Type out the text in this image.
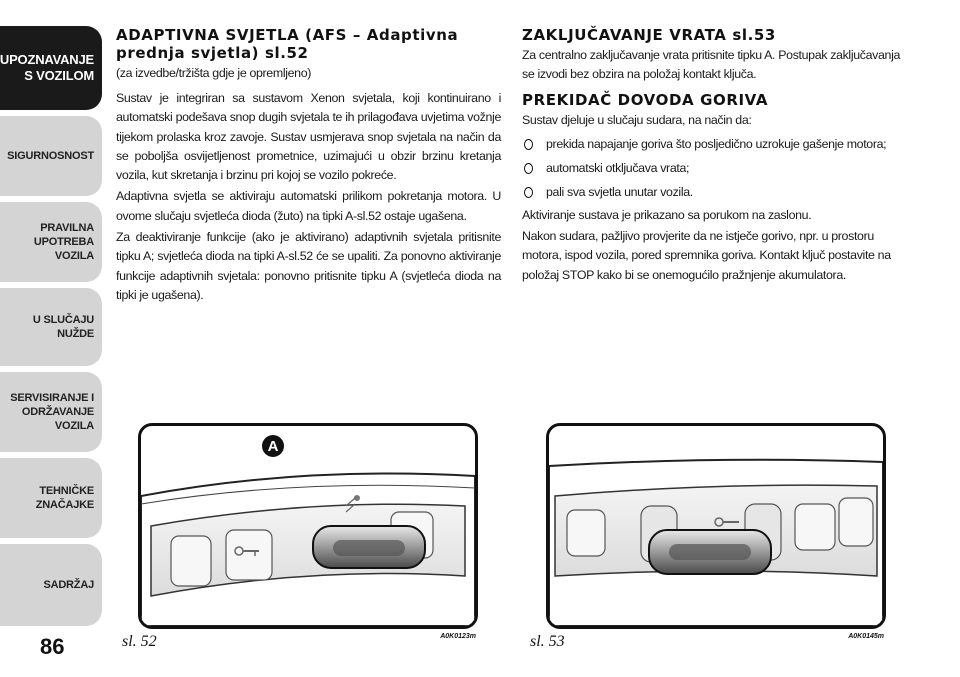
UPOZNAVANJE
S VOZILOM
SIGURNOSNOST
PRAVILNA
UPOTREBA
VOZILA
U SLUČAJU
NUŽDE
SERVISIRANJE I
ODRŽAVANJE
VOZILA
TEHNIČKE
ZNAČAJKE
SADRŽAJ
86
ADAPTIVNA SVJETLA (AFS – Adaptivna prednja svjetla) sl.52
(za izvedbe/tržišta gdje je opremljeno)

Sustav je integriran sa sustavom Xenon svjetala, koji kontinuirano i automatski podešava snop dugih svjetala te ih prilagođava uvjetima vožnje tijekom prolaska kroz zavoje. Sustav usmjerava snop svjetala na način da se poboljša osvijetljenost prometnice, uzimajući u obzir brzinu kretanja vozila, kut skretanja i brzinu pri kojoj se vozilo pokreće.

Adaptivna svjetla se aktiviraju automatski prilikom pokretanja motora. U ovome slučaju svjetleća dioda (žuto) na tipki A-sl.52 ostaje ugašena.

Za deaktiviranje funkcije (ako je aktivirano) adaptivnih svjetala pritisnite tipku A; svjetleća dioda na tipki A-sl.52 će se upaliti. Za ponovno aktiviranje funkcije adaptivnih svjetala: ponovno pritisnite tipku A (svjetleća dioda na tipki je ugašena).

ZAKLJUČAVANJE VRATA sl.53

Za centralno zaključavanje vrata pritisnite tipku A. Postupak zaključavanja se izvodi bez obzira na položaj kontakt ključa.

PREKIDAČ DOVODA GORIVA

Sustav djeluje u slučaju sudara, na način da:

prekida napajanje goriva što posljedično uzrokuje gašenje motora;
automatski otključava vrata;
pali sva svjetla unutar vozila.

Aktiviranje sustava je prikazano sa porukom na zaslonu.

Nakon sudara, pažljivo provjerite da ne istječe gorivo, npr. u prostoru motora, ispod vozila, pored spremnika goriva. Kontakt ključ postavite na položaj STOP kako bi se onemogućilo pražnjenje akumulatora.

A
sl. 52	A0K0123m	sl. 53	A0K0145m
